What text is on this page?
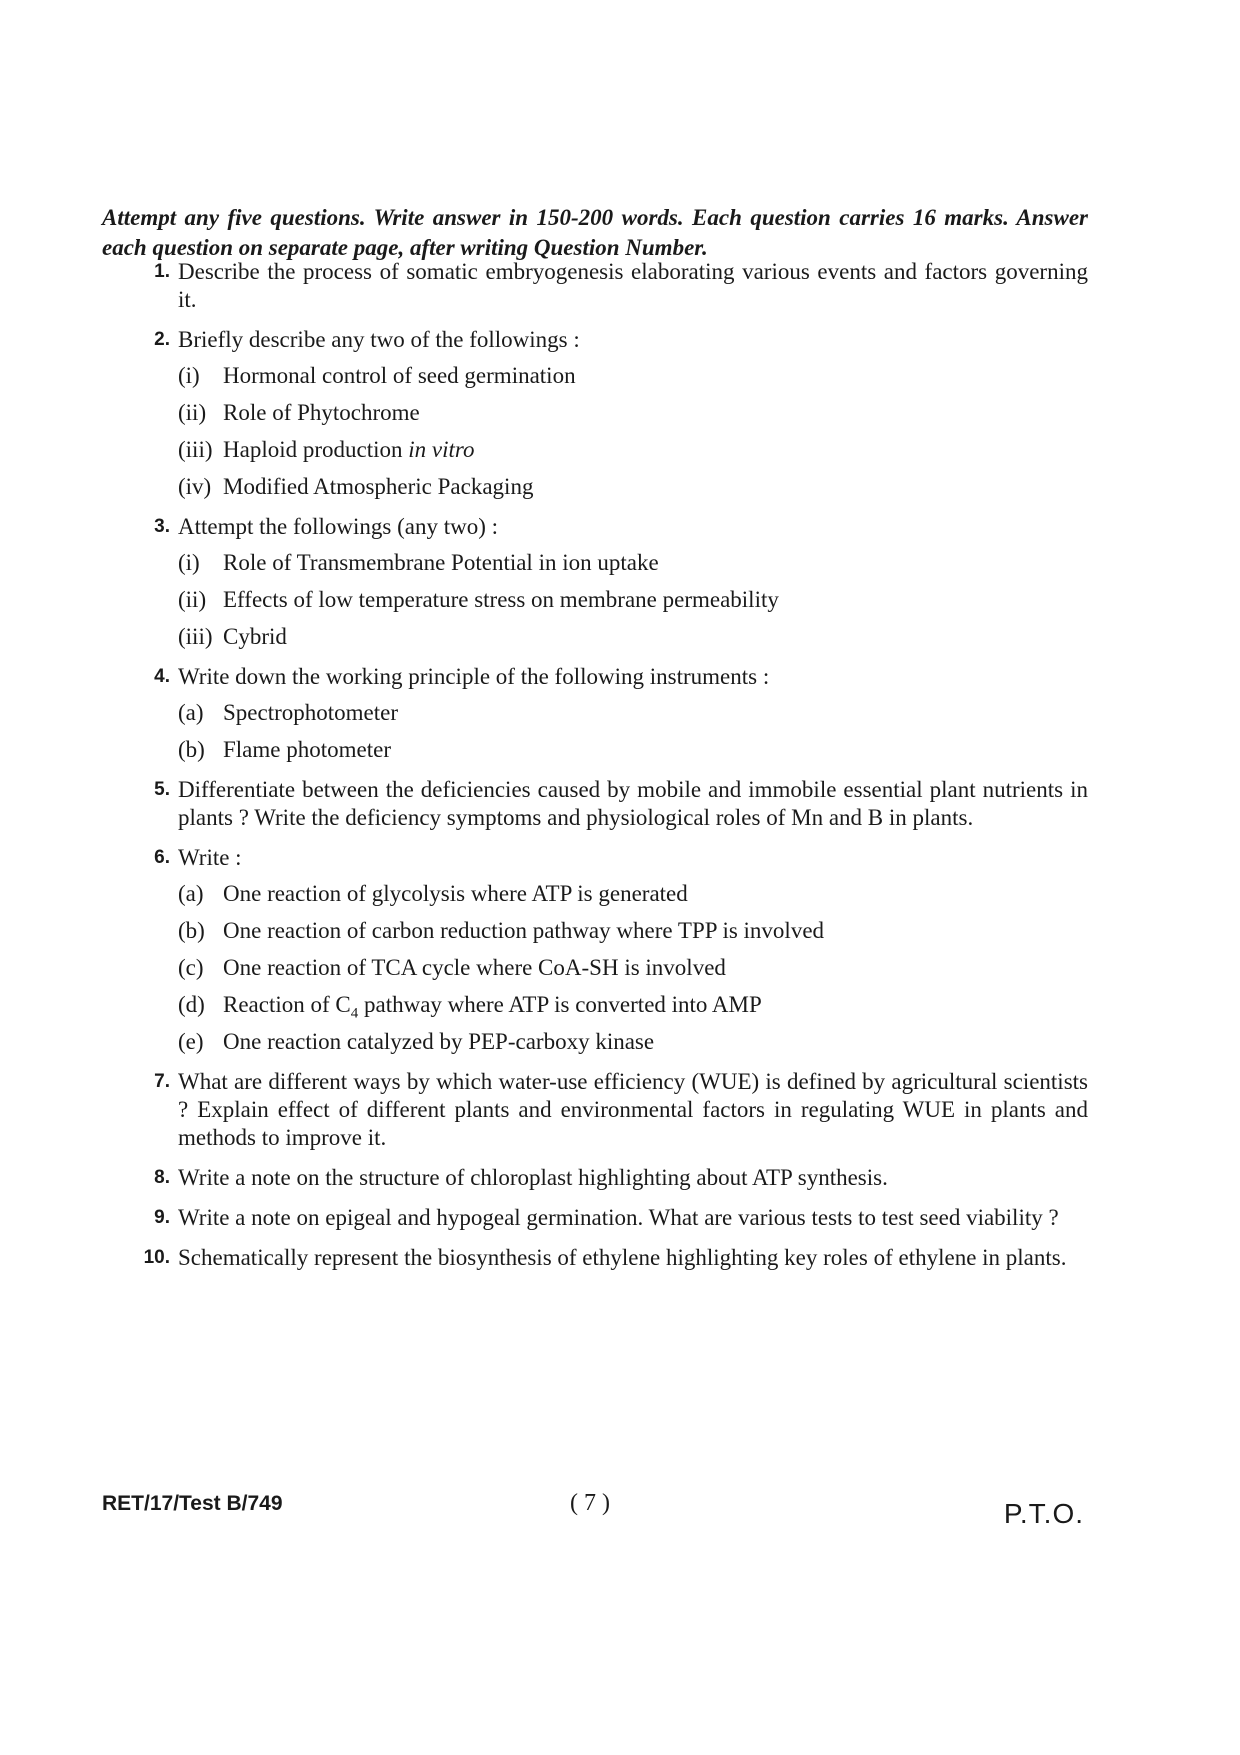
Attempt any five questions. Write answer in 150-200 words. Each question carries 16 marks. Answer each question on separate page, after writing Question Number.

1. Describe the process of somatic embryogenesis elaborating various events and factors governing it.
2. Briefly describe any two of the followings :
(i) Hormonal control of seed germination
(ii) Role of Phytochrome
(iii) Haploid production in vitro
(iv) Modified Atmospheric Packaging
3. Attempt the followings (any two) :
(i) Role of Transmembrane Potential in ion uptake
(ii) Effects of low temperature stress on membrane permeability
(iii) Cybrid
4. Write down the working principle of the following instruments :
(a) Spectrophotometer
(b) Flame photometer
5. Differentiate between the deficiencies caused by mobile and immobile essential plant nutrients in plants ? Write the deficiency symptoms and physiological roles of Mn and B in plants.
6. Write :
(a) One reaction of glycolysis where ATP is generated
(b) One reaction of carbon reduction pathway where TPP is involved
(c) One reaction of TCA cycle where CoA-SH is involved
(d) Reaction of $C_4$ pathway where ATP is converted into AMP
(e) One reaction catalyzed by PEP-carboxy kinase
7. What are different ways by which water-use efficiency (WUE) is defined by agricultural scientists ? Explain effect of different plants and environmental factors in regulating WUE in plants and methods to improve it.
8. Write a note on the structure of chloroplast highlighting about ATP synthesis.
9. Write a note on epigeal and hypogeal germination. What are various tests to test seed viability ?
10. Schematically represent the biosynthesis of ethylene highlighting key roles of ethylene in plants.
RET/17/Test B/749	( 7 )	P.T.O.
